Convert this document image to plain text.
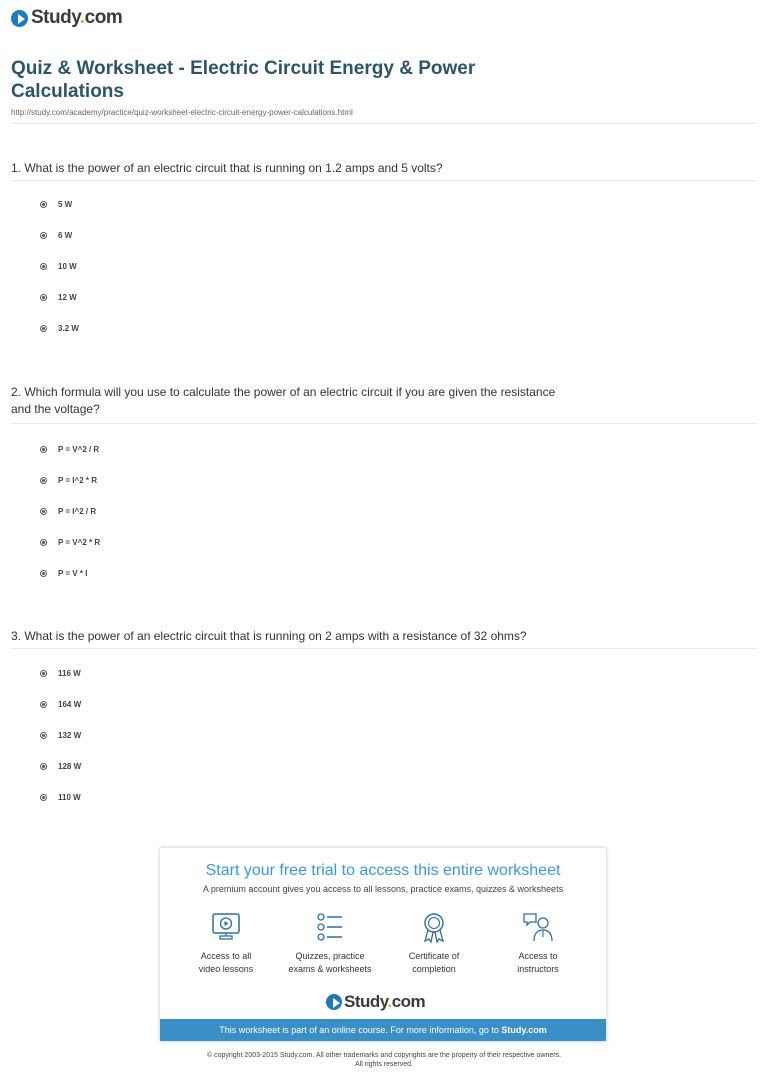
Study.com
Quiz & Worksheet - Electric Circuit Energy & Power Calculations
http://study.com/academy/practice/quiz-worksheet-electric-circuit-energy-power-calculations.html

1. What is the power of an electric circuit that is running on 1.2 amps and 5 volts?

5 W
6 W
10 W
12 W
3.2 W

2. Which formula will you use to calculate the power of an electric circuit if you are given the resistance and the voltage?

P = V^2 / R
P = I^2 * R
P = I^2 / R
P = V^2 * R
P = V * I

3. What is the power of an electric circuit that is running on 2 amps with a resistance of 32 ohms?

116 W
164 W
132 W
128 W
110 W
Start your free trial to access this entire worksheet
A premium account gives you access to all lessons, practice exams, quizzes & worksheets
Access to all
video lessons
Quizzes, practice
exams & worksheets
Certificate of
completion
Access to
instructors
Study.com
This worksheet is part of an online course. For more information, go to Study.com
© copyright 2003-2015 Study.com. All other trademarks and copyrights are the property of their respective owners.
All rights reserved.
